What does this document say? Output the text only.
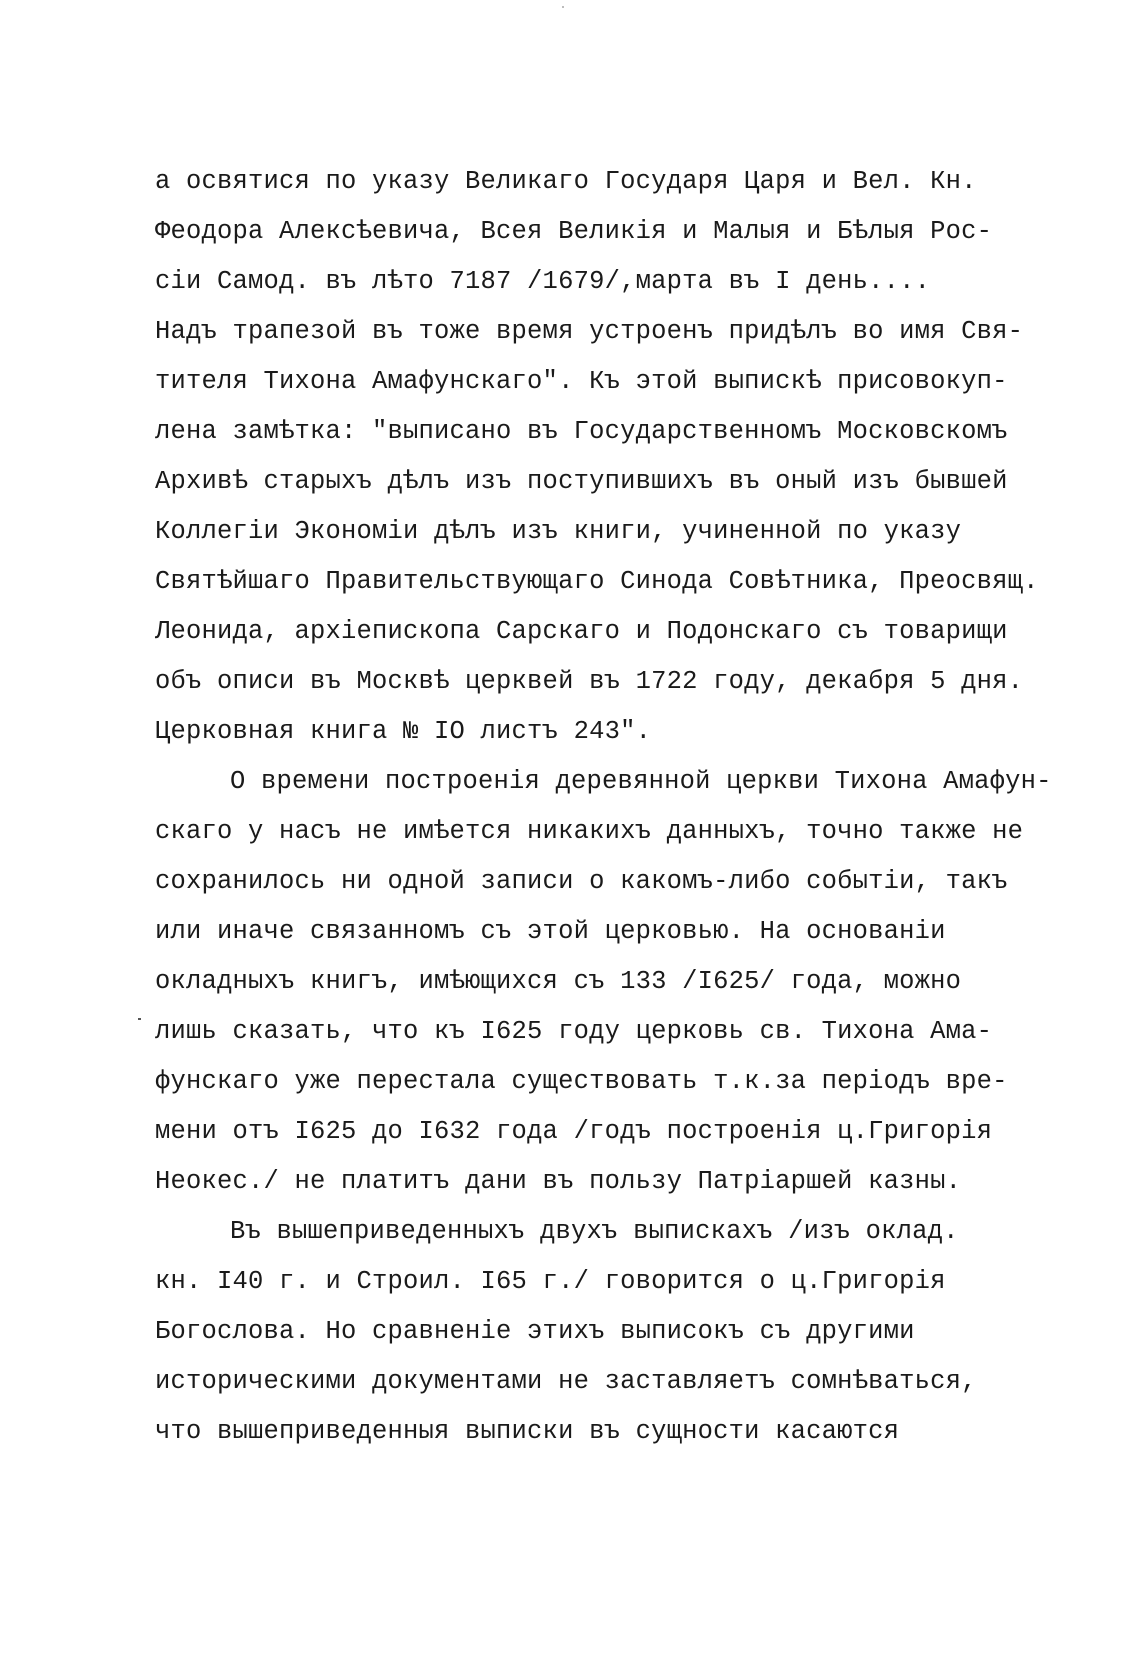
а освятися по указу Великаго Государя Царя и Вел. Кн.
Феодора Алексѣевича, Всея Великія и Малыя и Бѣлыя Рос-
сіи Самод. въ лѣто 7187 /1679/,марта въ I день....
Надъ трапезой въ тоже время устроенъ придѣлъ во имя Свя-
тителя Тихона Амафунскаго". Къ этой выпискѣ присовокуп-
лена замѣтка: "выписано въ Государственномъ Московскомъ
Архивѣ старыхъ дѣлъ изъ поступившихъ въ оный изъ бывшей
Коллегіи Экономіи дѣлъ изъ книги, учиненной по указу
Святѣйшаго Правительствующаго Синода Совѣтника, Преосвящ.
Леонида, архіепископа Сарскаго и Подонскаго съ товарищи
объ описи въ Москвѣ церквей въ 1722 году, декабря 5 дня.
Церковная книга № IO листъ 243".
О времени построенія деревянной церкви Тихона Амафун-
скаго у насъ не имѣется никакихъ данныхъ, точно также не
сохранилось ни одной записи о какомъ-либо событіи, такъ
или иначе связанномъ съ этой церковью. На основаніи
окладныхъ книгъ, имѣющихся съ 133 /I625/ года, можно
лишь сказать, что къ I625 году церковь св. Тихона Ама-
фунскаго уже перестала существовать т.к.за періодъ вре-
мени отъ I625 до I632 года /годъ построенія ц.Григорія
Неокес./ не платитъ дани въ пользу Патріаршей казны.
Въ вышеприведенныхъ двухъ выпискахъ /изъ оклад.
кн. I40 г. и Строил. I65 г./ говорится о ц.Григорія
Богослова. Но сравненіе этихъ выписокъ съ другими
историческими документами не заставляетъ сомнѣваться,
что вышеприведенныя выписки въ сущности касаются
